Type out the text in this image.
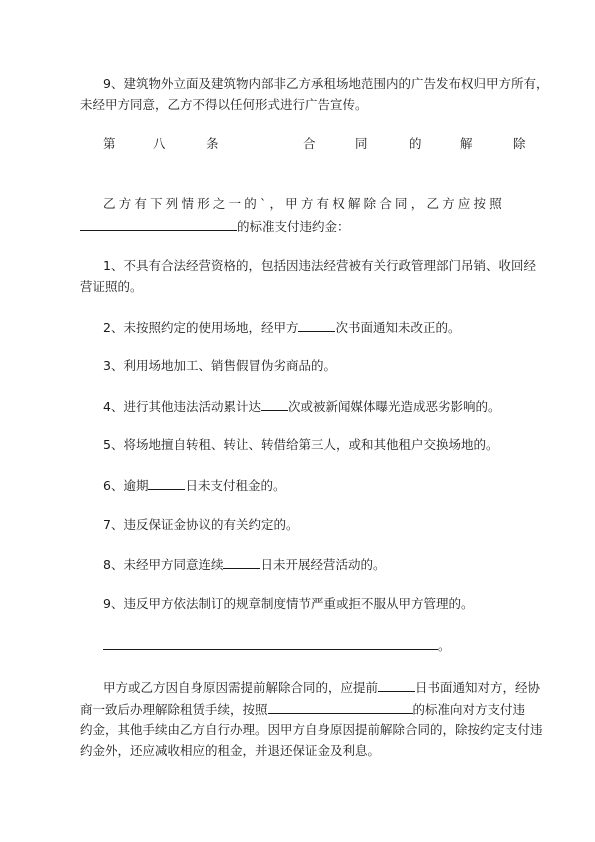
9、建筑物外立面及建筑物内部非乙方承租场地范围内的广告发布权归甲方所有，
未经甲方同意，乙方不得以任何形式进行广告宣传。
第	八	条	合	同	的	解	除
乙方有下列情形之一的`，甲方有权解除合同，乙方应按照
的标准支付违约金：
1、不具有合法经营资格的，包括因违法经营被有关行政管理部门吊销、收回经
营证照的。
2、未按照约定的使用场地，经甲方	次书面通知未改正的。
3、利用场地加工、销售假冒伪劣商品的。
4、进行其他违法活动累计达 次或被新闻媒体曝光造成恶劣影响的。
5、将场地擅自转租、转让、转借给第三人，或和其他租户交换场地的。
6、逾期	日未支付租金的。
7、违反保证金协议的有关约定的。
8、未经甲方同意连续	日未开展经营活动的。
9、违反甲方依法制订的规章制度情节严重或拒不服从甲方管理的。
。
甲方或乙方因自身原因需提前解除合同的，应提前	日书面通知对方，经协
商一致后办理解除租赁手续，按照	的标准向对方支付违
约金，其他手续由乙方自行办理。因甲方自身原因提前解除合同的，除按约定支付违
约金外，还应减收相应的租金，并退还保证金及利息。
